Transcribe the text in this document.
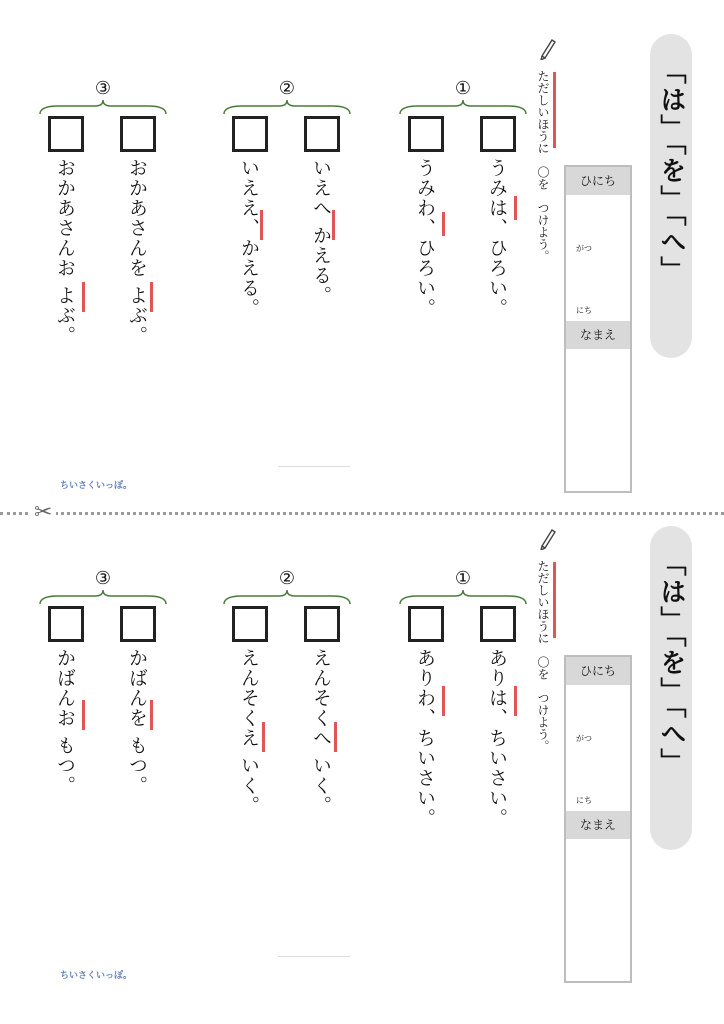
「は」「を」「へ」
ひにち
がつ
にち
なまえ
ただしいほうに　〇を　つけよう。
①
うみは、ひろい。
うみわ、ひろい。
②
いえへ かえる。
いええ、かえる。
③
おかあさんを よぶ。
おかあさんお よぶ。
ちいさくいっぽ。
✂
「は」「を」「へ」
ひにち
がつ
にち
なまえ
ただしいほうに　〇を　つけよう。
①
ありは、ちいさい。
ありわ、ちいさい。
②
えんそくへ いく。
えんそくえ いく。
③
かばんを もつ。
かばんお もつ。
ちいさくいっぽ。
